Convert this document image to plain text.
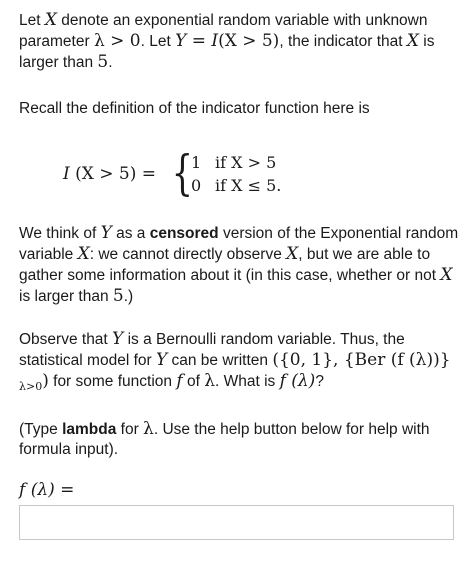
Let X denote an exponential random variable with unknown parameter λ > 0. Let Y = I(X > 5), the indicator that X is larger than 5.

Recall the definition of the indicator function here is

I (X > 5) = {
1 if X > 5
0 if X ≤ 5.

We think of Y as a censored version of the Exponential random variable X: we cannot directly observe X, but we are able to gather some information about it (in this case, whether or not X is larger than 5.)

Observe that Y is a Bernoulli random variable. Thus, the statistical model for Y can be written ({0, 1}, {Ber (f $(\lambda))\}_{\lambda>0}$) for some function f of λ. What is f (λ)?

(Type lambda for λ. Use the help button below for help with formula input).

f (λ) =
